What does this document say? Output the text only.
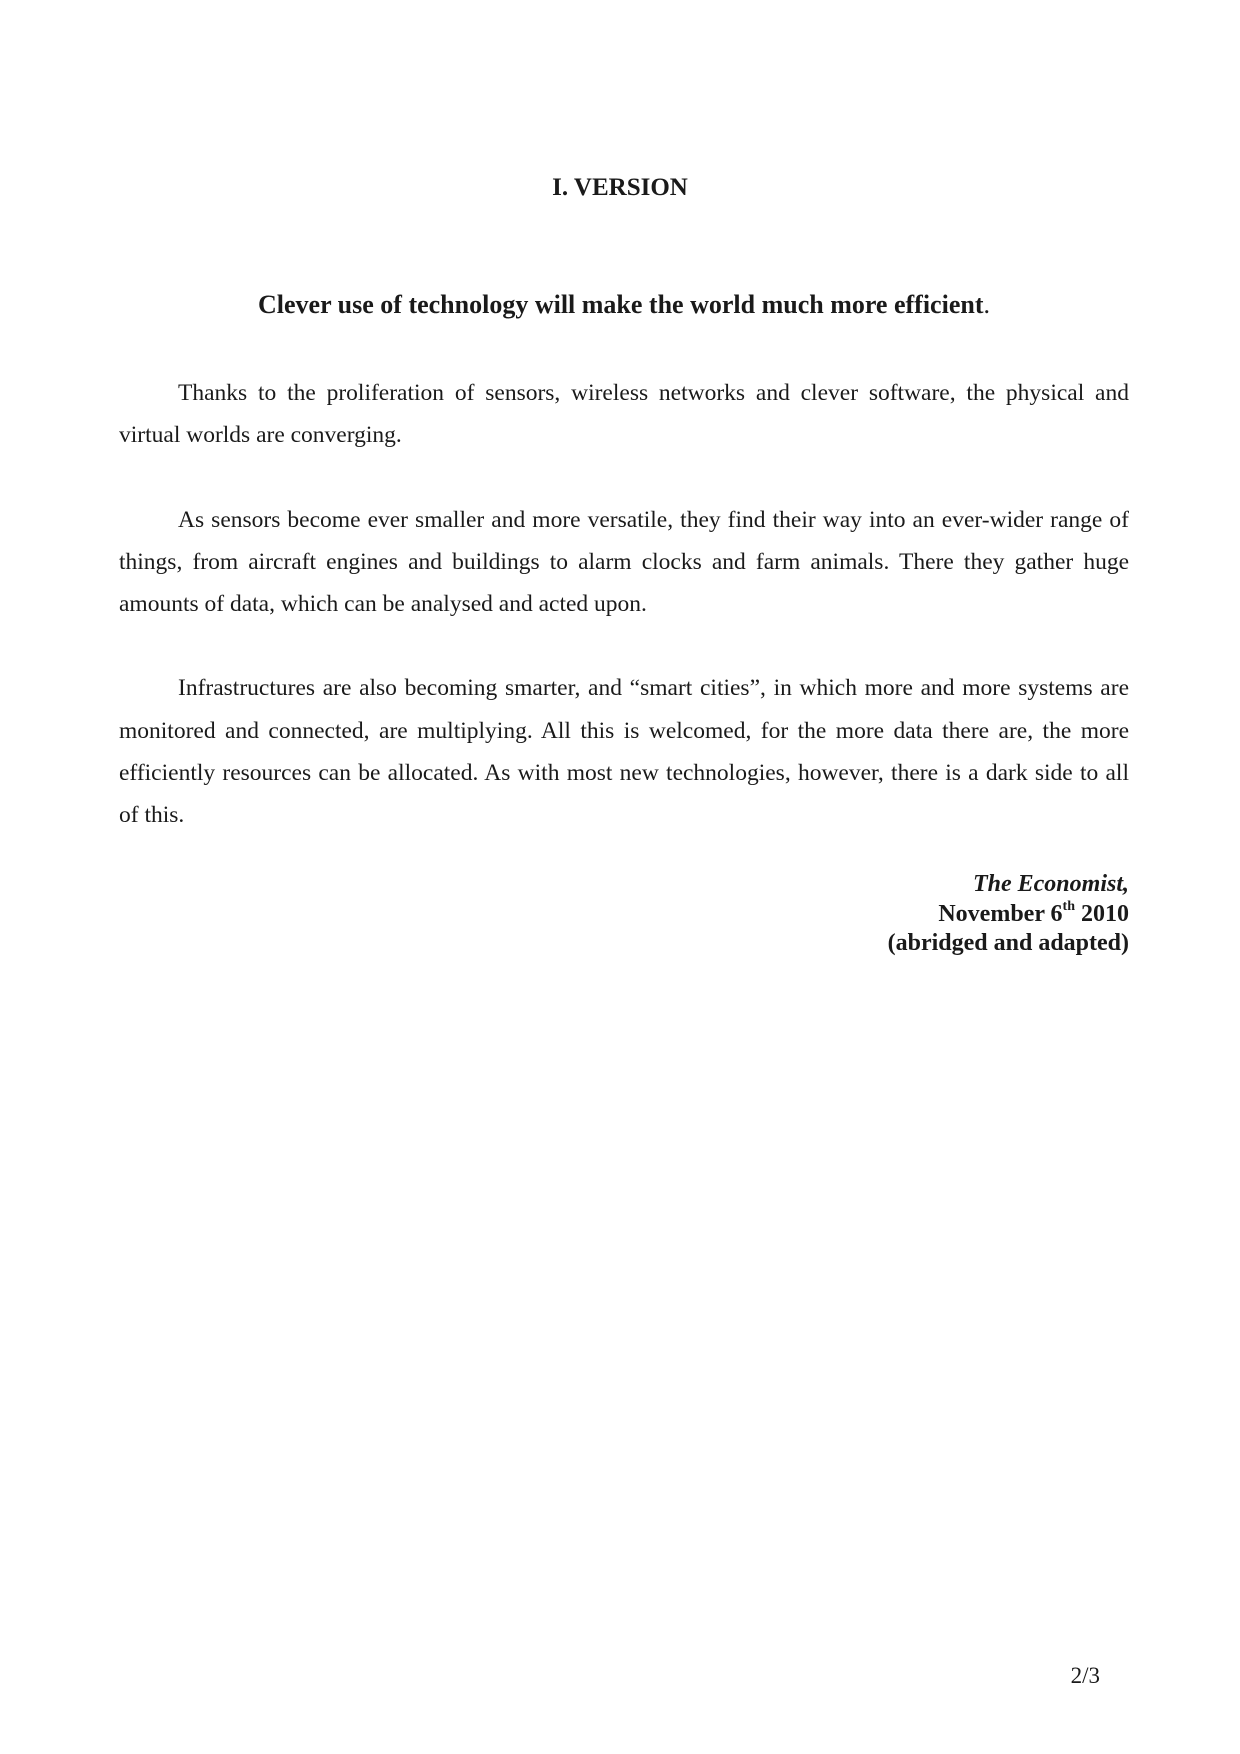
I. VERSION
Clever use of technology will make the world much more efficient.

Thanks to the proliferation of sensors, wireless networks and clever software, the physical and virtual worlds are converging.

As sensors become ever smaller and more versatile, they find their way into an ever-wider range of things, from aircraft engines and buildings to alarm clocks and farm animals. There they gather huge amounts of data, which can be analysed and acted upon.

Infrastructures are also becoming smarter, and “smart cities”, in which more and more systems are monitored and connected, are multiplying. All this is welcomed, for the more data there are, the more efficiently resources can be allocated. As with most new technologies, however, there is a dark side to all of this.

The Economist,
November 6th 2010
(abridged and adapted)
2/3
